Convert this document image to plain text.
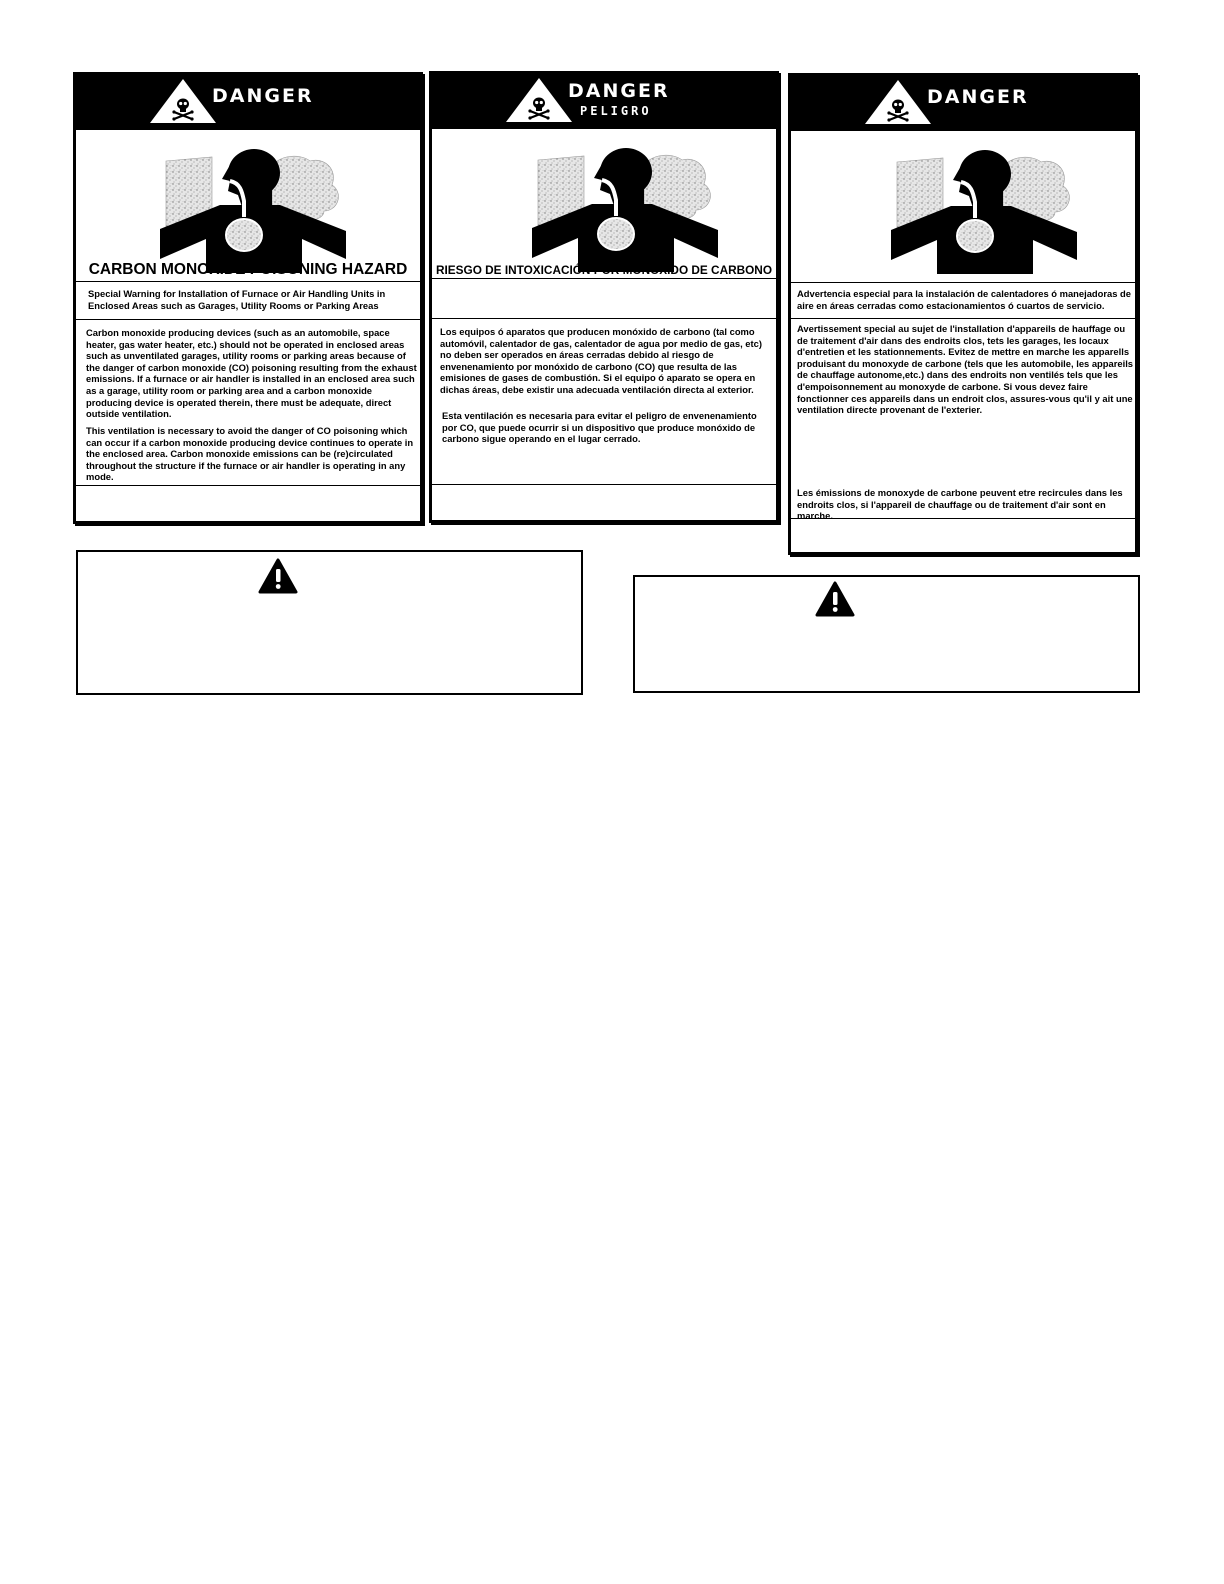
DANGER
CARBON MONOXIDE POISONING HAZARD

Special Warning for Installation of Furnace or Air Handling Units in Enclosed Areas such as Garages, Utility Rooms or Parking Areas

Carbon monoxide producing devices (such as an automobile, space heater, gas water heater, etc.) should not be operated in enclosed areas such as unventilated garages, utility rooms or parking areas because of the danger of carbon monoxide (CO) poisoning resulting from the exhaust emissions. If a furnace or air handler is installed in an enclosed area such as a garage, utility room or parking area and a carbon monoxide producing device is operated therein, there must be adequate, direct outside ventilation.

This ventilation is necessary to avoid the danger of CO poisoning which can occur if a carbon monoxide producing device continues to operate in the enclosed area. Carbon monoxide emissions can be (re)circulated throughout the structure if the furnace or air handler is operating in any mode.

DANGER
PELIGRO
RIESGO DE INTOXICACIÓN POR MONÓXIDO DE CARBONO

Los equipos ó aparatos que producen monóxido de carbono (tal como automóvil, calentador de gas, calentador de agua por medio de gas, etc) no deben ser operados en áreas cerradas debido al riesgo de envenenamiento por monóxido de carbono (CO) que resulta de las emisiones de gases de combustión. Si el equipo ó aparato se opera en dichas áreas, debe existir una adecuada ventilación directa al exterior.

Esta ventilación es necesaria para evitar el peligro de envenenamiento por CO, que puede ocurrir si un dispositivo que produce monóxido de carbono sigue operando en el lugar cerrado.

DANGER

Advertencia especial para la instalación de calentadores ó manejadoras de aire en áreas cerradas como estacionamientos ó cuartos de servicio.

Avertissement special au sujet de l'installation d'appareils de hauffage ou de traitement d'air dans des endroits clos, tets les garages, les locaux d'entretien et les stationnements. Evitez de mettre en marche les apparells produisant du monoxyde de carbone (tels que les automobile, les appareils de chauffage autonome,etc.) dans des endroits non ventilés tels que les d'empoisonnement au monoxyde de carbone. Si vous devez faire fonctionner ces appareils dans un endroit clos, assures-vous qu'il y ait une ventilation directe provenant de l'exterier.

Les émissions de monoxyde de carbone peuvent etre recircules dans les endroits clos, si l'appareil de chauffage ou de traitement d'air sont en marche.
